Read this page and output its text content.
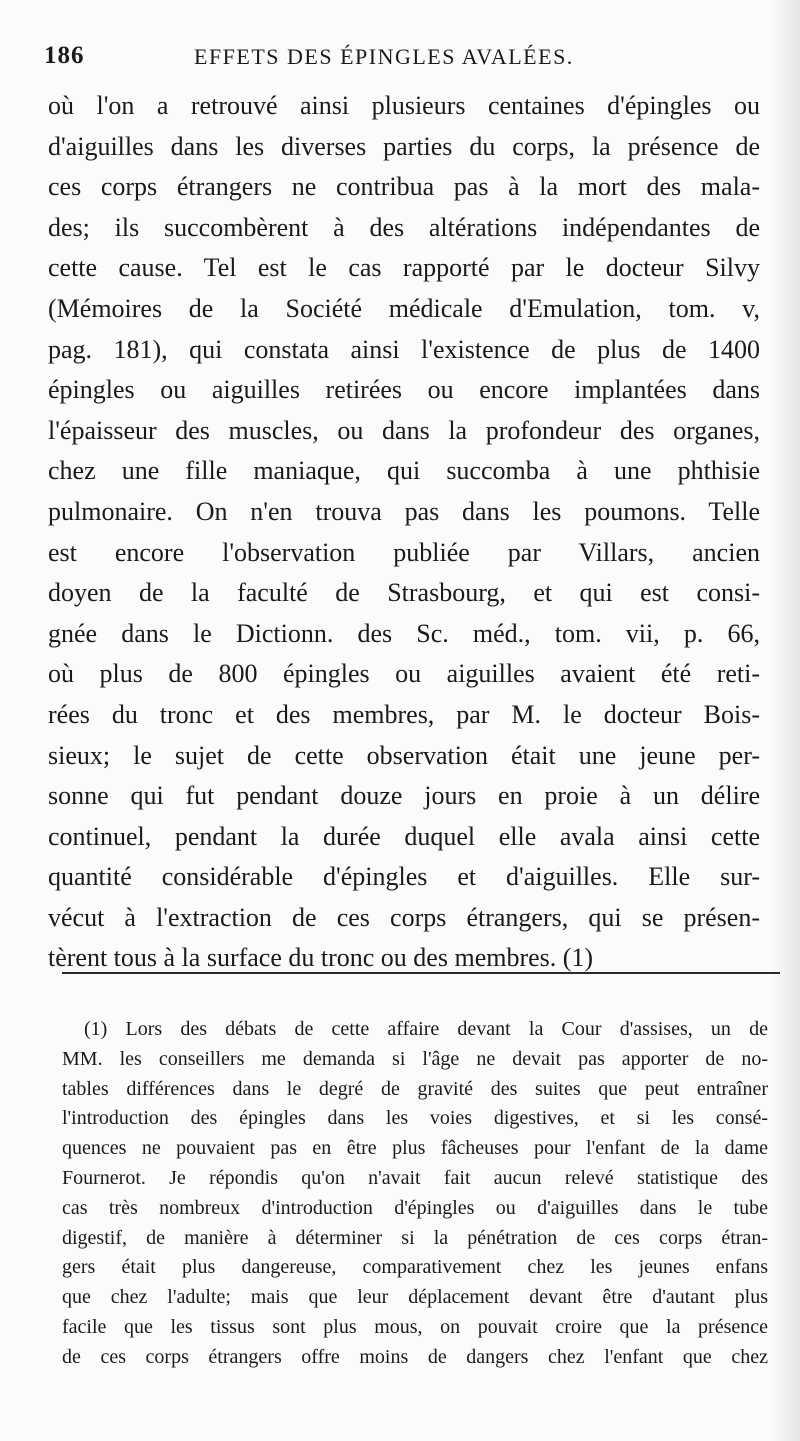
186	EFFETS DES ÉPINGLES AVALÉES.
où l'on a retrouvé ainsi plusieurs centaines d'épingles ou
d'aiguilles dans les diverses parties du corps, la présence de
ces corps étrangers ne contribua pas à la mort des mala-
des; ils succombèrent à des altérations indépendantes de
cette cause. Tel est le cas rapporté par le docteur Silvy
(Mémoires de la Société médicale d'Emulation, tom. v,
pag. 181), qui constata ainsi l'existence de plus de 1400
épingles ou aiguilles retirées ou encore implantées dans
l'épaisseur des muscles, ou dans la profondeur des organes,
chez une fille maniaque, qui succomba à une phthisie
pulmonaire. On n'en trouva pas dans les poumons. Telle
est encore l'observation publiée par Villars, ancien
doyen de la faculté de Strasbourg, et qui est consi-
gnée dans le Dictionn. des Sc. méd., tom. vii, p. 66,
où plus de 800 épingles ou aiguilles avaient été reti-
rées du tronc et des membres, par M. le docteur Bois-
sieux; le sujet de cette observation était une jeune per-
sonne qui fut pendant douze jours en proie à un délire
continuel, pendant la durée duquel elle avala ainsi cette
quantité considérable d'épingles et d'aiguilles. Elle sur-
vécut à l'extraction de ces corps étrangers, qui se présen-
tèrent tous à la surface du tronc ou des membres. (1)
(1) Lors des débats de cette affaire devant la Cour d'assises, un de
MM. les conseillers me demanda si l'âge ne devait pas apporter de no-
tables différences dans le degré de gravité des suites que peut entraîner
l'introduction des épingles dans les voies digestives, et si les consé-
quences ne pouvaient pas en être plus fâcheuses pour l'enfant de la dame
Fournerot. Je répondis qu'on n'avait fait aucun relevé statistique des
cas très nombreux d'introduction d'épingles ou d'aiguilles dans le tube
digestif, de manière à déterminer si la pénétration de ces corps étran-
gers était plus dangereuse, comparativement chez les jeunes enfans
que chez l'adulte; mais que leur déplacement devant être d'autant plus
facile que les tissus sont plus mous, on pouvait croire que la présence
de ces corps étrangers offre moins de dangers chez l'enfant que chez
